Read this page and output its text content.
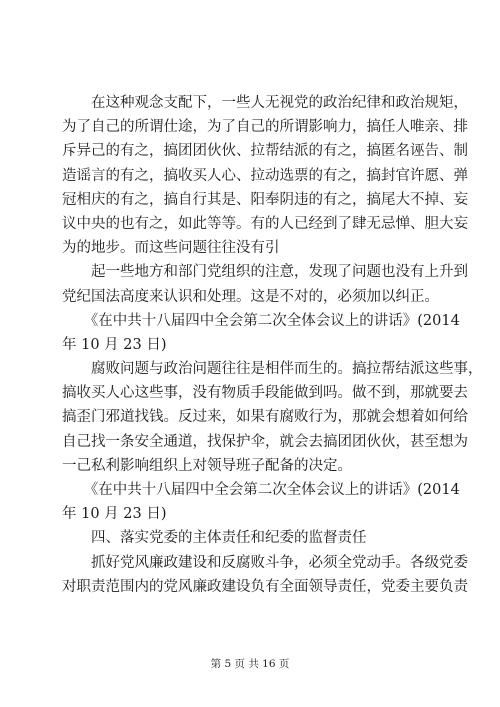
　　在这种观念支配下，一些人无视党的政治纪律和政治规矩，
为了自己的所谓仕途，为了自己的所谓影响力，搞任人唯亲、排
斥异己的有之，搞团团伙伙、拉帮结派的有之，搞匿名诬告、制
造谣言的有之，搞收买人心、拉动选票的有之，搞封官许愿、弹
冠相庆的有之，搞自行其是、阳奉阴违的有之，搞尾大不掉、妄
议中央的也有之，如此等等。有的人已经到了肆无忌惮、胆大妄
为的地步。而这些问题往往没有引
　　起一些地方和部门党组织的注意，发现了问题也没有上升到
党纪国法高度来认识和处理。这是不对的，必须加以纠正。
　　《在中共十八届四中全会第二次全体会议上的讲话》(2014
年 10 月 23 日)
　　腐败问题与政治问题往往是相伴而生的。搞拉帮结派这些事，
搞收买人心这些事，没有物质手段能做到吗。做不到，那就要去
搞歪门邪道找钱。反过来，如果有腐败行为，那就会想着如何给
自己找一条安全通道，找保护伞，就会去搞团团伙伙，甚至想为
一己私利影响组织上对领导班子配备的决定。
　　《在中共十八届四中全会第二次全体会议上的讲话》(2014
年 10 月 23 日)
　　四、落实党委的主体责任和纪委的监督责任
　　抓好党风廉政建设和反腐败斗争，必须全党动手。各级党委
对职责范围内的党风廉政建设负有全面领导责任，党委主要负责
第 5 页 共 16 页
